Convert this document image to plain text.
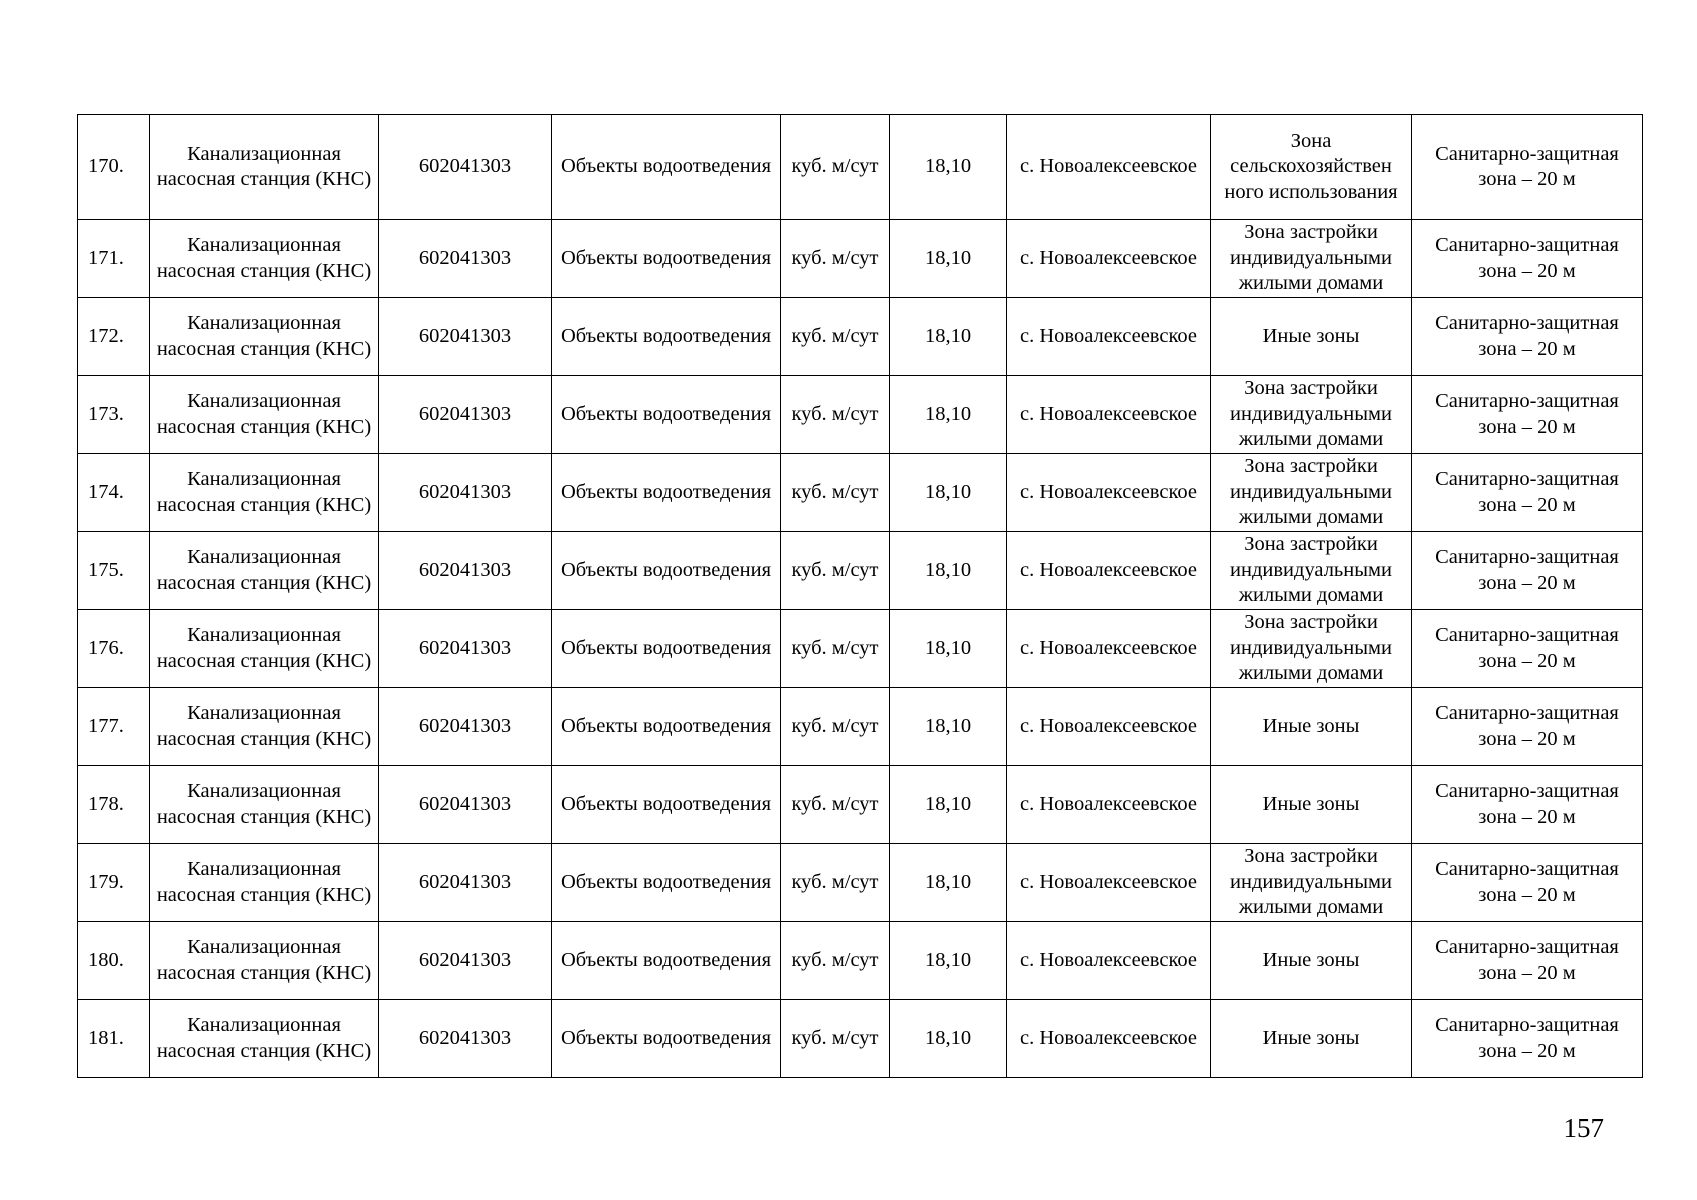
170.	Канализационная насосная станция (КНС)	602041303	Объекты водоотведения	куб. м/сут	18,10	с. Новоалексеевское	Зона сельскохозяйствен ного использования	Санитарно-защитная зона – 20 м
171.	Канализационная насосная станция (КНС)	602041303	Объекты водоотведения	куб. м/сут	18,10	с. Новоалексеевское	Зона застройки индивидуальными жилыми домами	Санитарно-защитная зона – 20 м
172.	Канализационная насосная станция (КНС)	602041303	Объекты водоотведения	куб. м/сут	18,10	с. Новоалексеевское	Иные зоны	Санитарно-защитная зона – 20 м
173.	Канализационная насосная станция (КНС)	602041303	Объекты водоотведения	куб. м/сут	18,10	с. Новоалексеевское	Зона застройки индивидуальными жилыми домами	Санитарно-защитная зона – 20 м
174.	Канализационная насосная станция (КНС)	602041303	Объекты водоотведения	куб. м/сут	18,10	с. Новоалексеевское	Зона застройки индивидуальными жилыми домами	Санитарно-защитная зона – 20 м
175.	Канализационная насосная станция (КНС)	602041303	Объекты водоотведения	куб. м/сут	18,10	с. Новоалексеевское	Зона застройки индивидуальными жилыми домами	Санитарно-защитная зона – 20 м
176.	Канализационная насосная станция (КНС)	602041303	Объекты водоотведения	куб. м/сут	18,10	с. Новоалексеевское	Зона застройки индивидуальными жилыми домами	Санитарно-защитная зона – 20 м
177.	Канализационная насосная станция (КНС)	602041303	Объекты водоотведения	куб. м/сут	18,10	с. Новоалексеевское	Иные зоны	Санитарно-защитная зона – 20 м
178.	Канализационная насосная станция (КНС)	602041303	Объекты водоотведения	куб. м/сут	18,10	с. Новоалексеевское	Иные зоны	Санитарно-защитная зона – 20 м
179.	Канализационная насосная станция (КНС)	602041303	Объекты водоотведения	куб. м/сут	18,10	с. Новоалексеевское	Зона застройки индивидуальными жилыми домами	Санитарно-защитная зона – 20 м
180.	Канализационная насосная станция (КНС)	602041303	Объекты водоотведения	куб. м/сут	18,10	с. Новоалексеевское	Иные зоны	Санитарно-защитная зона – 20 м
181.	Канализационная насосная станция (КНС)	602041303	Объекты водоотведения	куб. м/сут	18,10	с. Новоалексеевское	Иные зоны	Санитарно-защитная зона – 20 м
157
